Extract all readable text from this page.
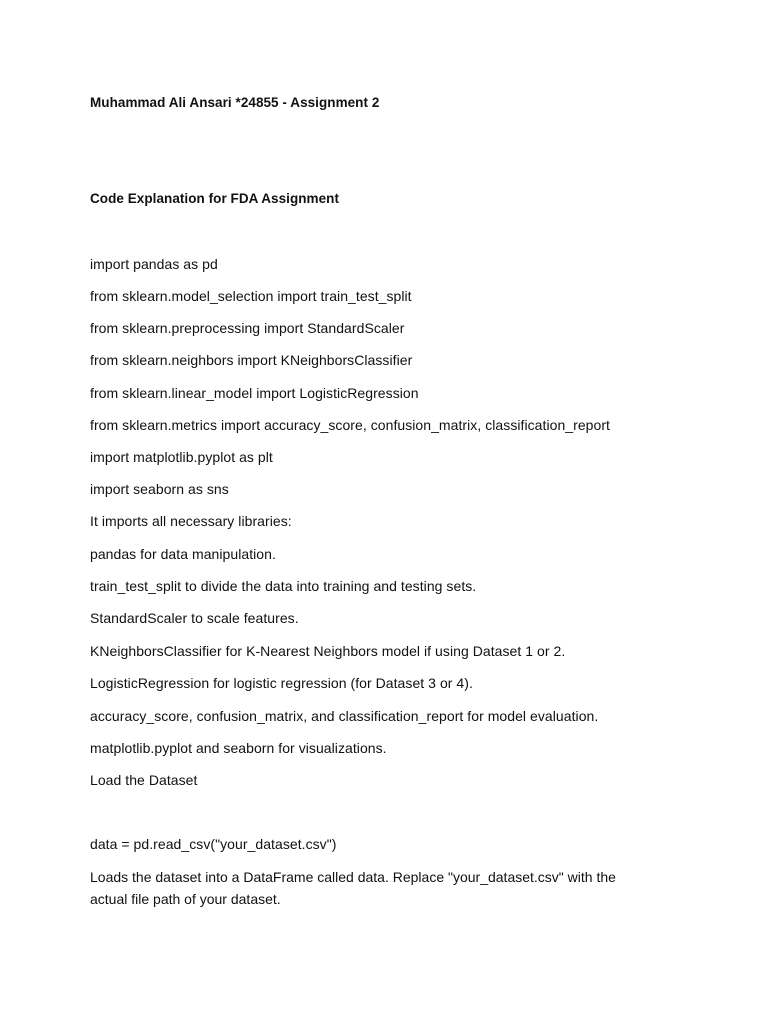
Muhammad Ali Ansari *24855 - Assignment 2
Code Explanation for FDA Assignment
import pandas as pd
from sklearn.model_selection import train_test_split
from sklearn.preprocessing import StandardScaler
from sklearn.neighbors import KNeighborsClassifier
from sklearn.linear_model import LogisticRegression
from sklearn.metrics import accuracy_score, confusion_matrix, classification_report
import matplotlib.pyplot as plt
import seaborn as sns
It imports all necessary libraries:
pandas for data manipulation.
train_test_split to divide the data into training and testing sets.
StandardScaler to scale features.
KNeighborsClassifier for K-Nearest Neighbors model if using Dataset 1 or 2.
LogisticRegression for logistic regression (for Dataset 3 or 4).
accuracy_score, confusion_matrix, and classification_report for model evaluation.
matplotlib.pyplot and seaborn for visualizations.
Load the Dataset
data = pd.read_csv("your_dataset.csv")
Loads the dataset into a DataFrame called data. Replace "your_dataset.csv" with the actual file path of your dataset.
